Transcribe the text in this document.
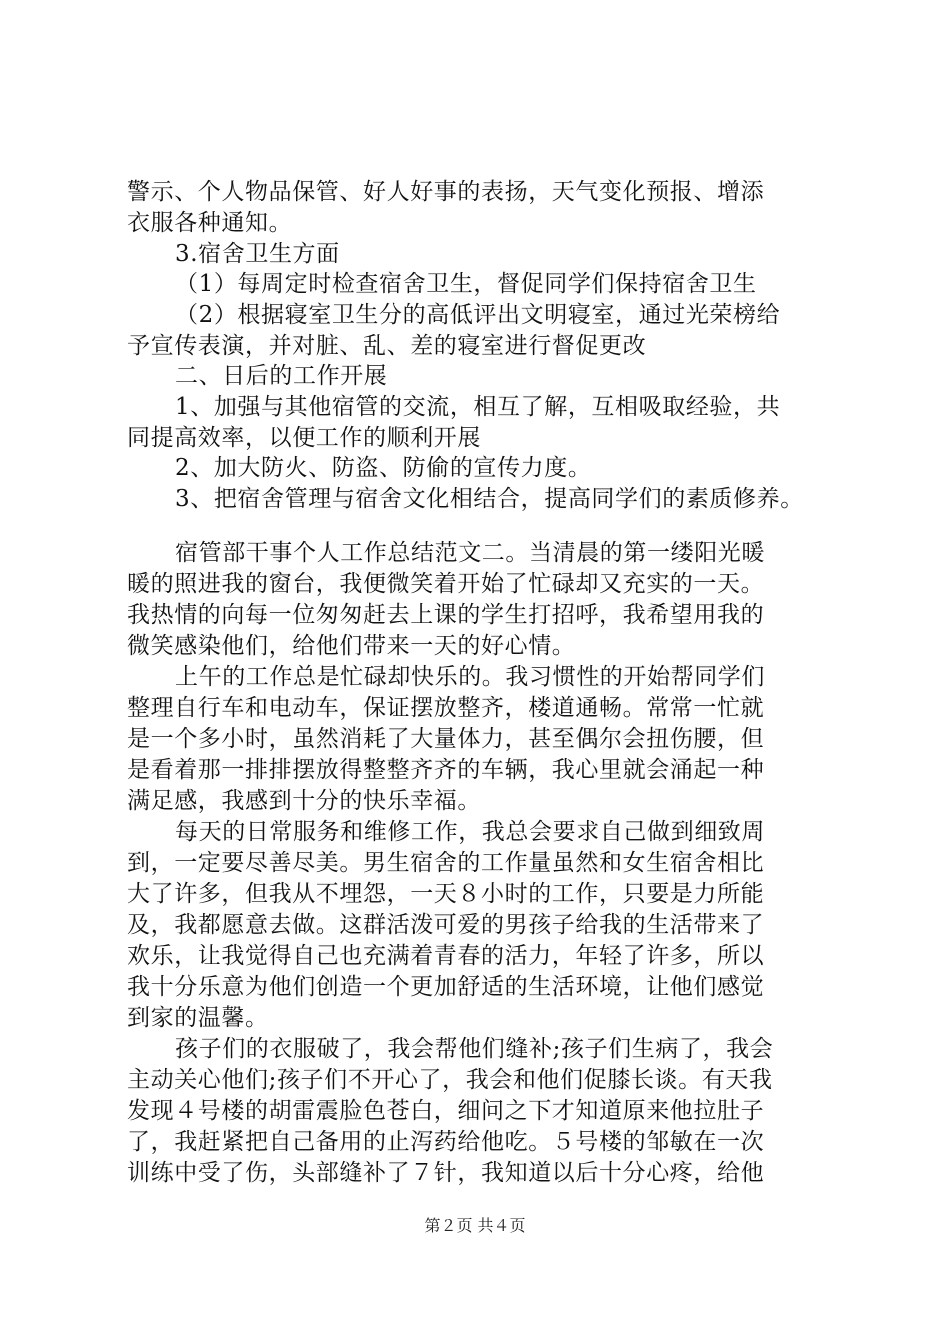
警示、个人物品保管、好人好事的表扬，天气变化预报、增添
衣服各种通知。
3.宿舍卫生方面
（1）每周定时检查宿舍卫生，督促同学们保持宿舍卫生
（2）根据寝室卫生分的高低评出文明寝室，通过光荣榜给
予宣传表演，并对脏、乱、差的寝室进行督促更改
二、日后的工作开展
1、加强与其他宿管的交流，相互了解，互相吸取经验，共
同提高效率，以便工作的顺利开展
2、加大防火、防盗、防偷的宣传力度。
3、把宿舍管理与宿舍文化相结合，提高同学们的素质修养。
宿管部干事个人工作总结范文二。当清晨的第一缕阳光暖
暖的照进我的窗台，我便微笑着开始了忙碌却又充实的一天。
我热情的向每一位匆匆赶去上课的学生打招呼，我希望用我的
微笑感染他们，给他们带来一天的好心情。
上午的工作总是忙碌却快乐的。我习惯性的开始帮同学们
整理自行车和电动车，保证摆放整齐，楼道通畅。常常一忙就
是一个多小时，虽然消耗了大量体力，甚至偶尔会扭伤腰，但
是看着那一排排摆放得整整齐齐的车辆，我心里就会涌起一种
满足感，我感到十分的快乐幸福。
每天的日常服务和维修工作，我总会要求自己做到细致周
到，一定要尽善尽美。男生宿舍的工作量虽然和女生宿舍相比
大了许多，但我从不埋怨，一天８小时的工作，只要是力所能
及，我都愿意去做。这群活泼可爱的男孩子给我的生活带来了
欢乐，让我觉得自己也充满着青春的活力，年轻了许多，所以
我十分乐意为他们创造一个更加舒适的生活环境，让他们感觉
到家的温馨。
孩子们的衣服破了，我会帮他们缝补;孩子们生病了，我会
主动关心他们;孩子们不开心了，我会和他们促膝长谈。有天我
发现４号楼的胡雷震脸色苍白，细问之下才知道原来他拉肚子
了，我赶紧把自己备用的止泻药给他吃。５号楼的邹敏在一次
训练中受了伤，头部缝补了７针，我知道以后十分心疼，给他
第２页 共４页
